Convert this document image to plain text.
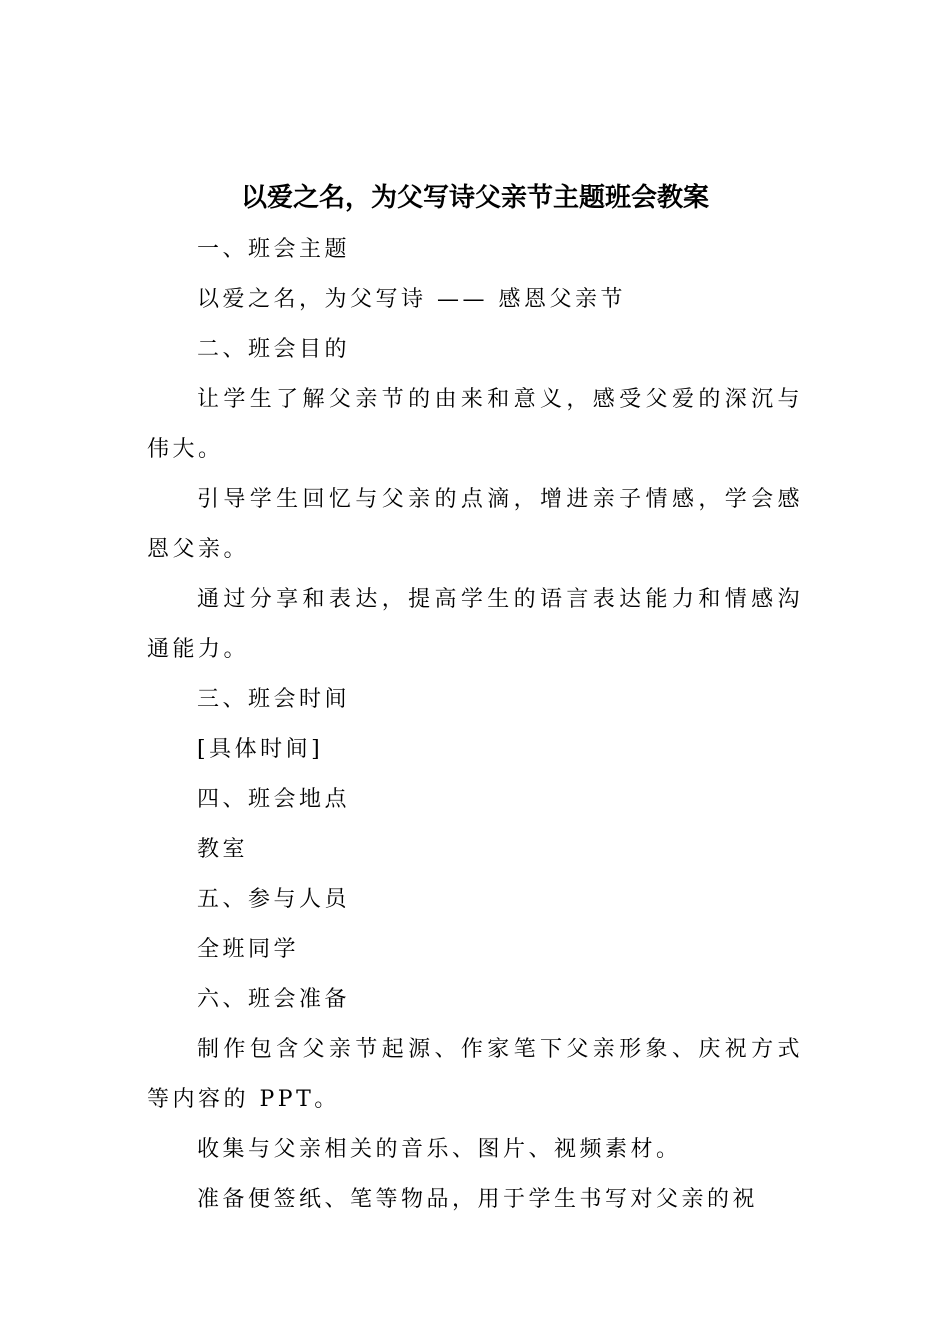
以爱之名，为父写诗父亲节主题班会教案

一、班会主题

以爱之名，为父写诗 —— 感恩父亲节

二、班会目的

让学生了解父亲节的由来和意义，感受父爱的深沉与伟大。

引导学生回忆与父亲的点滴，增进亲子情感，学会感恩父亲。

通过分享和表达，提高学生的语言表达能力和情感沟通能力。

三、班会时间

[具体时间]

四、班会地点

教室

五、参与人员

全班同学

六、班会准备

制作包含父亲节起源、作家笔下父亲形象、庆祝方式等内容的 PPT。

收集与父亲相关的音乐、图片、视频素材。

准备便签纸、笔等物品，用于学生书写对父亲的祝
